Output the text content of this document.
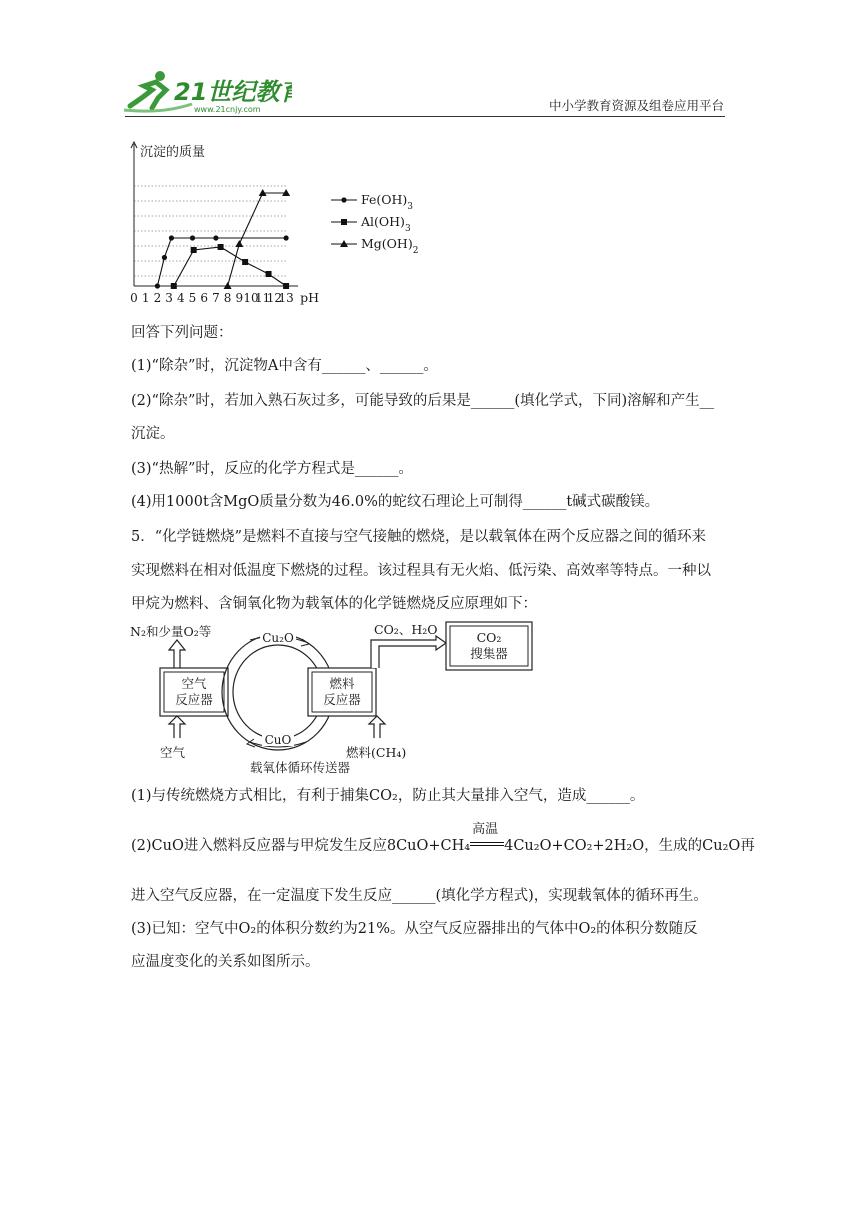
21世纪教育
www.21cnjy.com	中小学教育资源及组卷应用平台
沉淀的质量
0 1 2 3 4 5 6 7 8 9 10
11
12
13 pH
$Fe(OH)_3$
$Al(OH)_3$
$Mg(OH)_2$
回答下列问题：
(1)“除杂”时，沉淀物A中含有______、______。
(2)“除杂”时，若加入熟石灰过多，可能导致的后果是______(填化学式，下同)溶解和产生__
沉淀。
(3)“热解”时，反应的化学方程式是______。
(4)用1000t含MgO质量分数为46.0%的蛇纹石理论上可制得______t碱式碳酸镁。
5．“化学链燃烧”是燃料不直接与空气接触的燃烧，是以载氧体在两个反应器之间的循环来
实现燃料在相对低温度下燃烧的过程。该过程具有无火焰、低污染、高效率等特点。一种以
甲烷为燃料、含铜氧化物为载氧体的化学链燃烧反应原理如下：
N₂和少量O₂等
空气
反应器
空气
Cu₂O
CuO
燃料
反应器
燃料(CH₄)
CO₂、H₂O
CO₂
搜集器
载氧体循环传送器
(1)与传统燃烧方式相比，有利于捕集CO₂，防止其大量排入空气，造成______。
(2)CuO进入燃料反应器与甲烷发生反应8CuO+CH₄
高温
4Cu₂O+CO₂+2H₂O，生成的Cu₂O再
进入空气反应器，在一定温度下发生反应______(填化学方程式)，实现载氧体的循环再生。
(3)已知：空气中O₂的体积分数约为21%。从空气反应器排出的气体中O₂的体积分数随反
应温度变化的关系如图所示。
